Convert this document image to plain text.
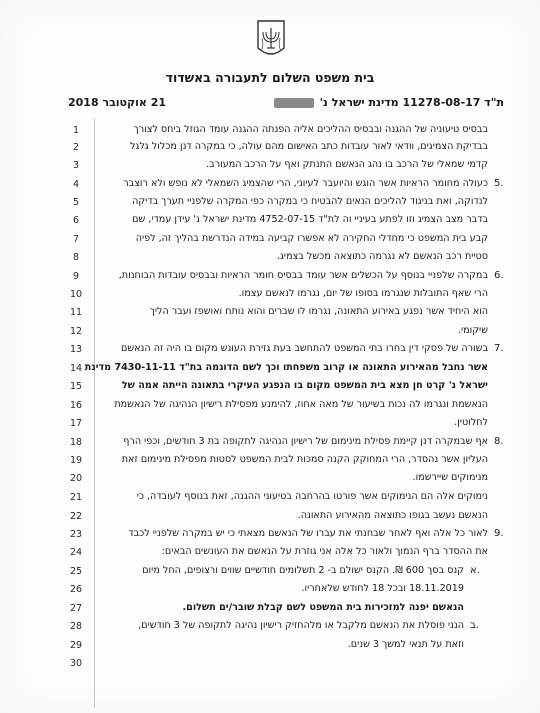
בית משפט השלום לתעבורה באשדוד
ת"ד 11278-08-17 מדינת ישראל נ'
21 אוקטובר 2018
1
2
3
4
5
6
7
8
9
10
11
12
13
14
15
16
17
18
19
20
21
22
23
24
25
26
27
28
29
30
בבסיס טיעוניה של ההגנה ובבסיס ההליכים אליה הפנתה ההגנה עומד הגוזל ביחס לצורך
בבדיקת הצמיגים, וודאי לאור עובדות כתב האישום מהם עולה, כי במקרה דנן מכלול גלגל
קדמי שמאלי של הרכב בו נהג הנאשם התנתק ואף על הרכב המעורב.
כעולה מחומר הראיות אשר הוגש והיועבר לעיוני, הרי שהצמיג השמאלי לא נופש ולא רוצבר
לנדוקה, ואת בניגוד להליכים הנאים להבטיח כי במקרה כפי המקרה שלפניי תערך בדיקה
בדבר מצב הצמיג וזו לפתע בעיניי וה לת"ד 4752-07-15 מדינת ישראל נ' עידן עמדי, שם
קבע בית המשפט כי מחדלי החקירה לא אפשרו קביעה במידה הנדרשת בהליך זה, לפיה
סטיית רכב הנאשם לא נגרמה כתוצאה מכשל בצמיג.
במקרה שלפניי בנוסף על הכשלים אשר עומד בבסיס חומר הראיות ובבסיס עובדות הבוחנות,
הרי שאף התובלות שנגרמו בסופו של יום, נגרמו לנאשם עצמו.
הוא היחיד אשר נפגע באירוע התאונה, נגרמו לו שברים והוא נותח ואושפז ועבר הליך
שיקומי.
בשורה של פסקי דין בחרו בתי המשפט להתחשב בעת גזירת העונש מקום בו היה זה הנאשם
אשר נחבל מהאירוע התאונה או קרוב משפחתו וכך לשם הדוגמה בת"ד 7430-11-11 מדינת
ישראל נ' קרט חן מצא בית המשפט מקום בו הנפגע העיקרי בתאונה הייתה אמה של
הנאשמת ונגרמו לה נכות בשיעור של מאה אחוז, להימנע מפסילת רישיון הנהיגה של הנאשמת
לחלוטין.
אף שבמקרה דנן קיימת פסילת מינימום של רישיון הנהיגה לתקופה בת 3 חודשים, וכפי הרף
העליון אשר נהסדר, הרי המחוקק הקנה סמכות לבית המשפט לסטות מפסילת מינימום זאת
מנימוקים שיירשמו.
נימוקים אלה הם הנימוקים אשר פורטו בהרחבה בטיעוני ההגנה, זאת בנוסף לעובדה, כי
הנאשם נעשב בגופו כתוצאה מהאירוע התאונה.
לאור כל אלה ואף לאחר שבחנתי את עברו של הנאשם מצאתי כי יש במקרה שלפניי לכבד
את ההסדר ברף הנמוך ולאור כל אלה אני גוזרת על הנאשם את העונשים הבאים:
קנס בסך 600 ₪. הקנס ישולם ב- 2 תשלומים חודשיים שווים ורצופים, החל מיום
18.11.2019 ובכל 18 לחודש שלאחריו.
הנאשם יפנה למזכירות בית המשפט לשם קבלת שובר/ים תשלום.
הנני פוסלת את הנאשם מלקבל או מלהחזיק רישיון נהיגה לתקופה של 3 חודשים,
וזאת על תנאי למשך 3 שנים.
5.
6.
7.
8.
9.
א.
ב.
